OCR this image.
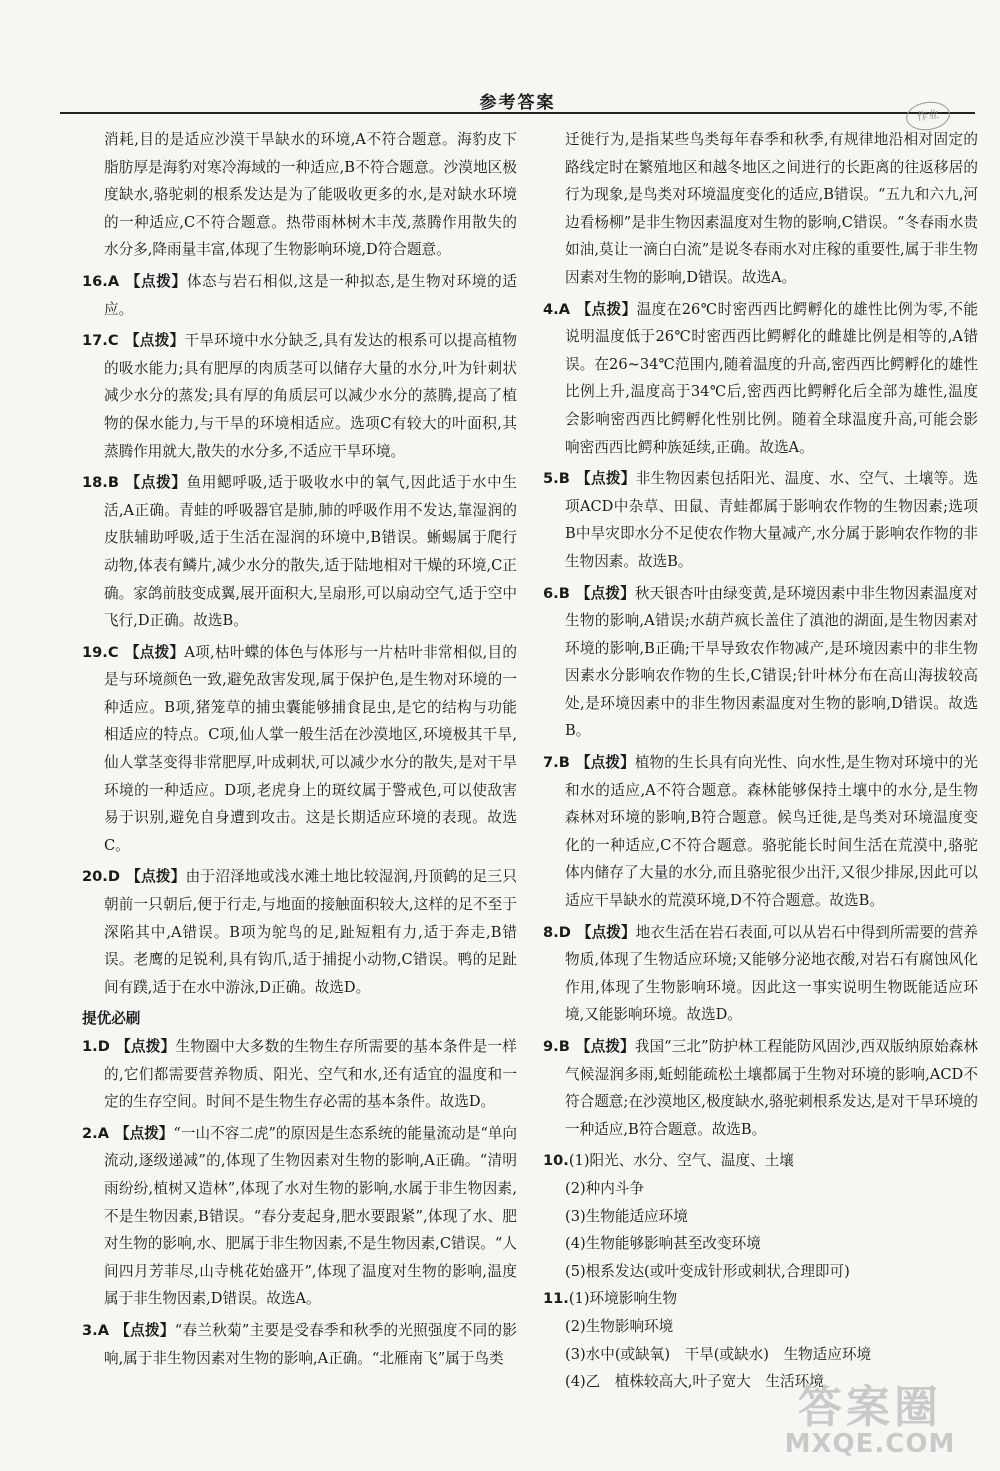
参考答案
作业

消耗,目的是适应沙漠干旱缺水的环境,A不符合题意。海豹皮下脂肪厚是海豹对寒冷海域的一种适应,B不符合题意。沙漠地区极度缺水,骆驼刺的根系发达是为了能吸收更多的水,是对缺水环境的一种适应,C不符合题意。热带雨林树木丰茂,蒸腾作用散失的水分多,降雨量丰富,体现了生物影响环境,D符合题意。

16.A 【点拨】体态与岩石相似,这是一种拟态,是生物对环境的适应。

17.C 【点拨】干旱环境中水分缺乏,具有发达的根系可以提高植物的吸水能力;具有肥厚的肉质茎可以储存大量的水分,叶为针刺状减少水分的蒸发;具有厚的角质层可以减少水分的蒸腾,提高了植物的保水能力,与干旱的环境相适应。选项C有较大的叶面积,其蒸腾作用就大,散失的水分多,不适应干旱环境。

18.B 【点拨】鱼用鳃呼吸,适于吸收水中的氧气,因此适于水中生活,A正确。青蛙的呼吸器官是肺,肺的呼吸作用不发达,靠湿润的皮肤辅助呼吸,适于生活在湿润的环境中,B错误。蜥蜴属于爬行动物,体表有鳞片,减少水分的散失,适于陆地相对干燥的环境,C正确。家鸽前肢变成翼,展开面积大,呈扇形,可以扇动空气,适于空中飞行,D正确。故选B。

19.C 【点拨】A项,枯叶蝶的体色与体形与一片枯叶非常相似,目的是与环境颜色一致,避免敌害发现,属于保护色,是生物对环境的一种适应。B项,猪笼草的捕虫囊能够捕食昆虫,是它的结构与功能相适应的特点。C项,仙人掌一般生活在沙漠地区,环境极其干旱,仙人掌茎变得非常肥厚,叶成刺状,可以减少水分的散失,是对干旱环境的一种适应。D项,老虎身上的斑纹属于警戒色,可以使敌害易于识别,避免自身遭到攻击。这是长期适应环境的表现。故选C。

20.D 【点拨】由于沼泽地或浅水滩土地比较湿润,丹顶鹤的足三只朝前一只朝后,便于行走,与地面的接触面积较大,这样的足不至于深陷其中,A错误。B项为鸵鸟的足,趾短粗有力,适于奔走,B错误。老鹰的足锐利,具有钩爪,适于捕捉小动物,C错误。鸭的足趾间有蹼,适于在水中游泳,D正确。故选D。

提优必刷

1.D 【点拨】生物圈中大多数的生物生存所需要的基本条件是一样的,它们都需要营养物质、阳光、空气和水,还有适宜的温度和一定的生存空间。时间不是生物生存必需的基本条件。故选D。

2.A 【点拨】“一山不容二虎”的原因是生态系统的能量流动是“单向流动,逐级递减”的,体现了生物因素对生物的影响,A正确。“清明雨纷纷,植树又造林”,体现了水对生物的影响,水属于非生物因素,不是生物因素,B错误。“春分麦起身,肥水要跟紧”,体现了水、肥对生物的影响,水、肥属于非生物因素,不是生物因素,C错误。“人间四月芳菲尽,山寺桃花始盛开”,体现了温度对生物的影响,温度属于非生物因素,D错误。故选A。

3.A 【点拨】“春兰秋菊”主要是受春季和秋季的光照强度不同的影响,属于非生物因素对生物的影响,A正确。“北雁南飞”属于鸟类

迁徙行为,是指某些鸟类每年春季和秋季,有规律地沿相对固定的路线定时在繁殖地区和越冬地区之间进行的长距离的往返移居的行为现象,是鸟类对环境温度变化的适应,B错误。“五九和六九,河边看杨柳”是非生物因素温度对生物的影响,C错误。“冬春雨水贵如油,莫让一滴白白流”是说冬春雨水对庄稼的重要性,属于非生物因素对生物的影响,D错误。故选A。

4.A 【点拨】温度在26℃时密西西比鳄孵化的雄性比例为零,不能说明温度低于26℃时密西西比鳄孵化的雌雄比例是相等的,A错误。在26~34℃范围内,随着温度的升高,密西西比鳄孵化的雄性比例上升,温度高于34℃后,密西西比鳄孵化后全部为雄性,温度会影响密西西比鳄孵化性别比例。随着全球温度升高,可能会影响密西西比鳄种族延续,正确。故选A。

5.B 【点拨】非生物因素包括阳光、温度、水、空气、土壤等。选项ACD中杂草、田鼠、青蛙都属于影响农作物的生物因素;选项B中旱灾即水分不足使农作物大量减产,水分属于影响农作物的非生物因素。故选B。

6.B 【点拨】秋天银杏叶由绿变黄,是环境因素中非生物因素温度对生物的影响,A错误;水葫芦疯长盖住了滇池的湖面,是生物因素对环境的影响,B正确;干旱导致农作物减产,是环境因素中的非生物因素水分影响农作物的生长,C错误;针叶林分布在高山海拔较高处,是环境因素中的非生物因素温度对生物的影响,D错误。故选B。

7.B 【点拨】植物的生长具有向光性、向水性,是生物对环境中的光和水的适应,A不符合题意。森林能够保持土壤中的水分,是生物森林对环境的影响,B符合题意。候鸟迁徙,是鸟类对环境温度变化的一种适应,C不符合题意。骆驼能长时间生活在荒漠中,骆驼体内储存了大量的水分,而且骆驼很少出汗,又很少排尿,因此可以适应干旱缺水的荒漠环境,D不符合题意。故选B。

8.D 【点拨】地衣生活在岩石表面,可以从岩石中得到所需要的营养物质,体现了生物适应环境;又能够分泌地衣酸,对岩石有腐蚀风化作用,体现了生物影响环境。因此这一事实说明生物既能适应环境,又能影响环境。故选D。

9.B 【点拨】我国“三北”防护林工程能防风固沙,西双版纳原始森林气候湿润多雨,蚯蚓能疏松土壤都属于生物对环境的影响,ACD不符合题意;在沙漠地区,极度缺水,骆驼刺根系发达,是对干旱环境的一种适应,B符合题意。故选B。

10.(1)阳光、水分、空气、温度、土壤

(2)种内斗争

(3)生物能适应环境

(4)生物能够影响甚至改变环境

(5)根系发达(或叶变成针形或刺状,合理即可)

11.(1)环境影响生物

(2)生物影响环境

(3)水中(或缺氧)　干旱(或缺水)　生物适应环境

(4)乙　植株较高大,叶子宽大　生活环境

答案圈
MXQE.COM
